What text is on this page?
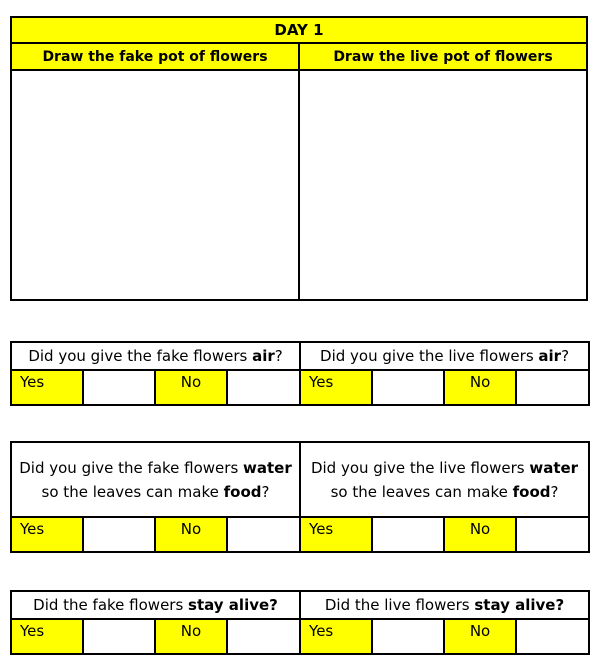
DAY 1	
Draw the fake pot of flowers	Draw the live pot of flowers

Did you give the fake flowers air?				Did you give the live flowers air?			
Yes		No		Yes		No	
Did you give the fake flowers water so the leaves can make food?				Did you give the live flowers water so the leaves can make food?			
Yes		No		Yes		No	
Did the fake flowers stay alive?				Did the live flowers stay alive?			
Yes		No		Yes		No	
